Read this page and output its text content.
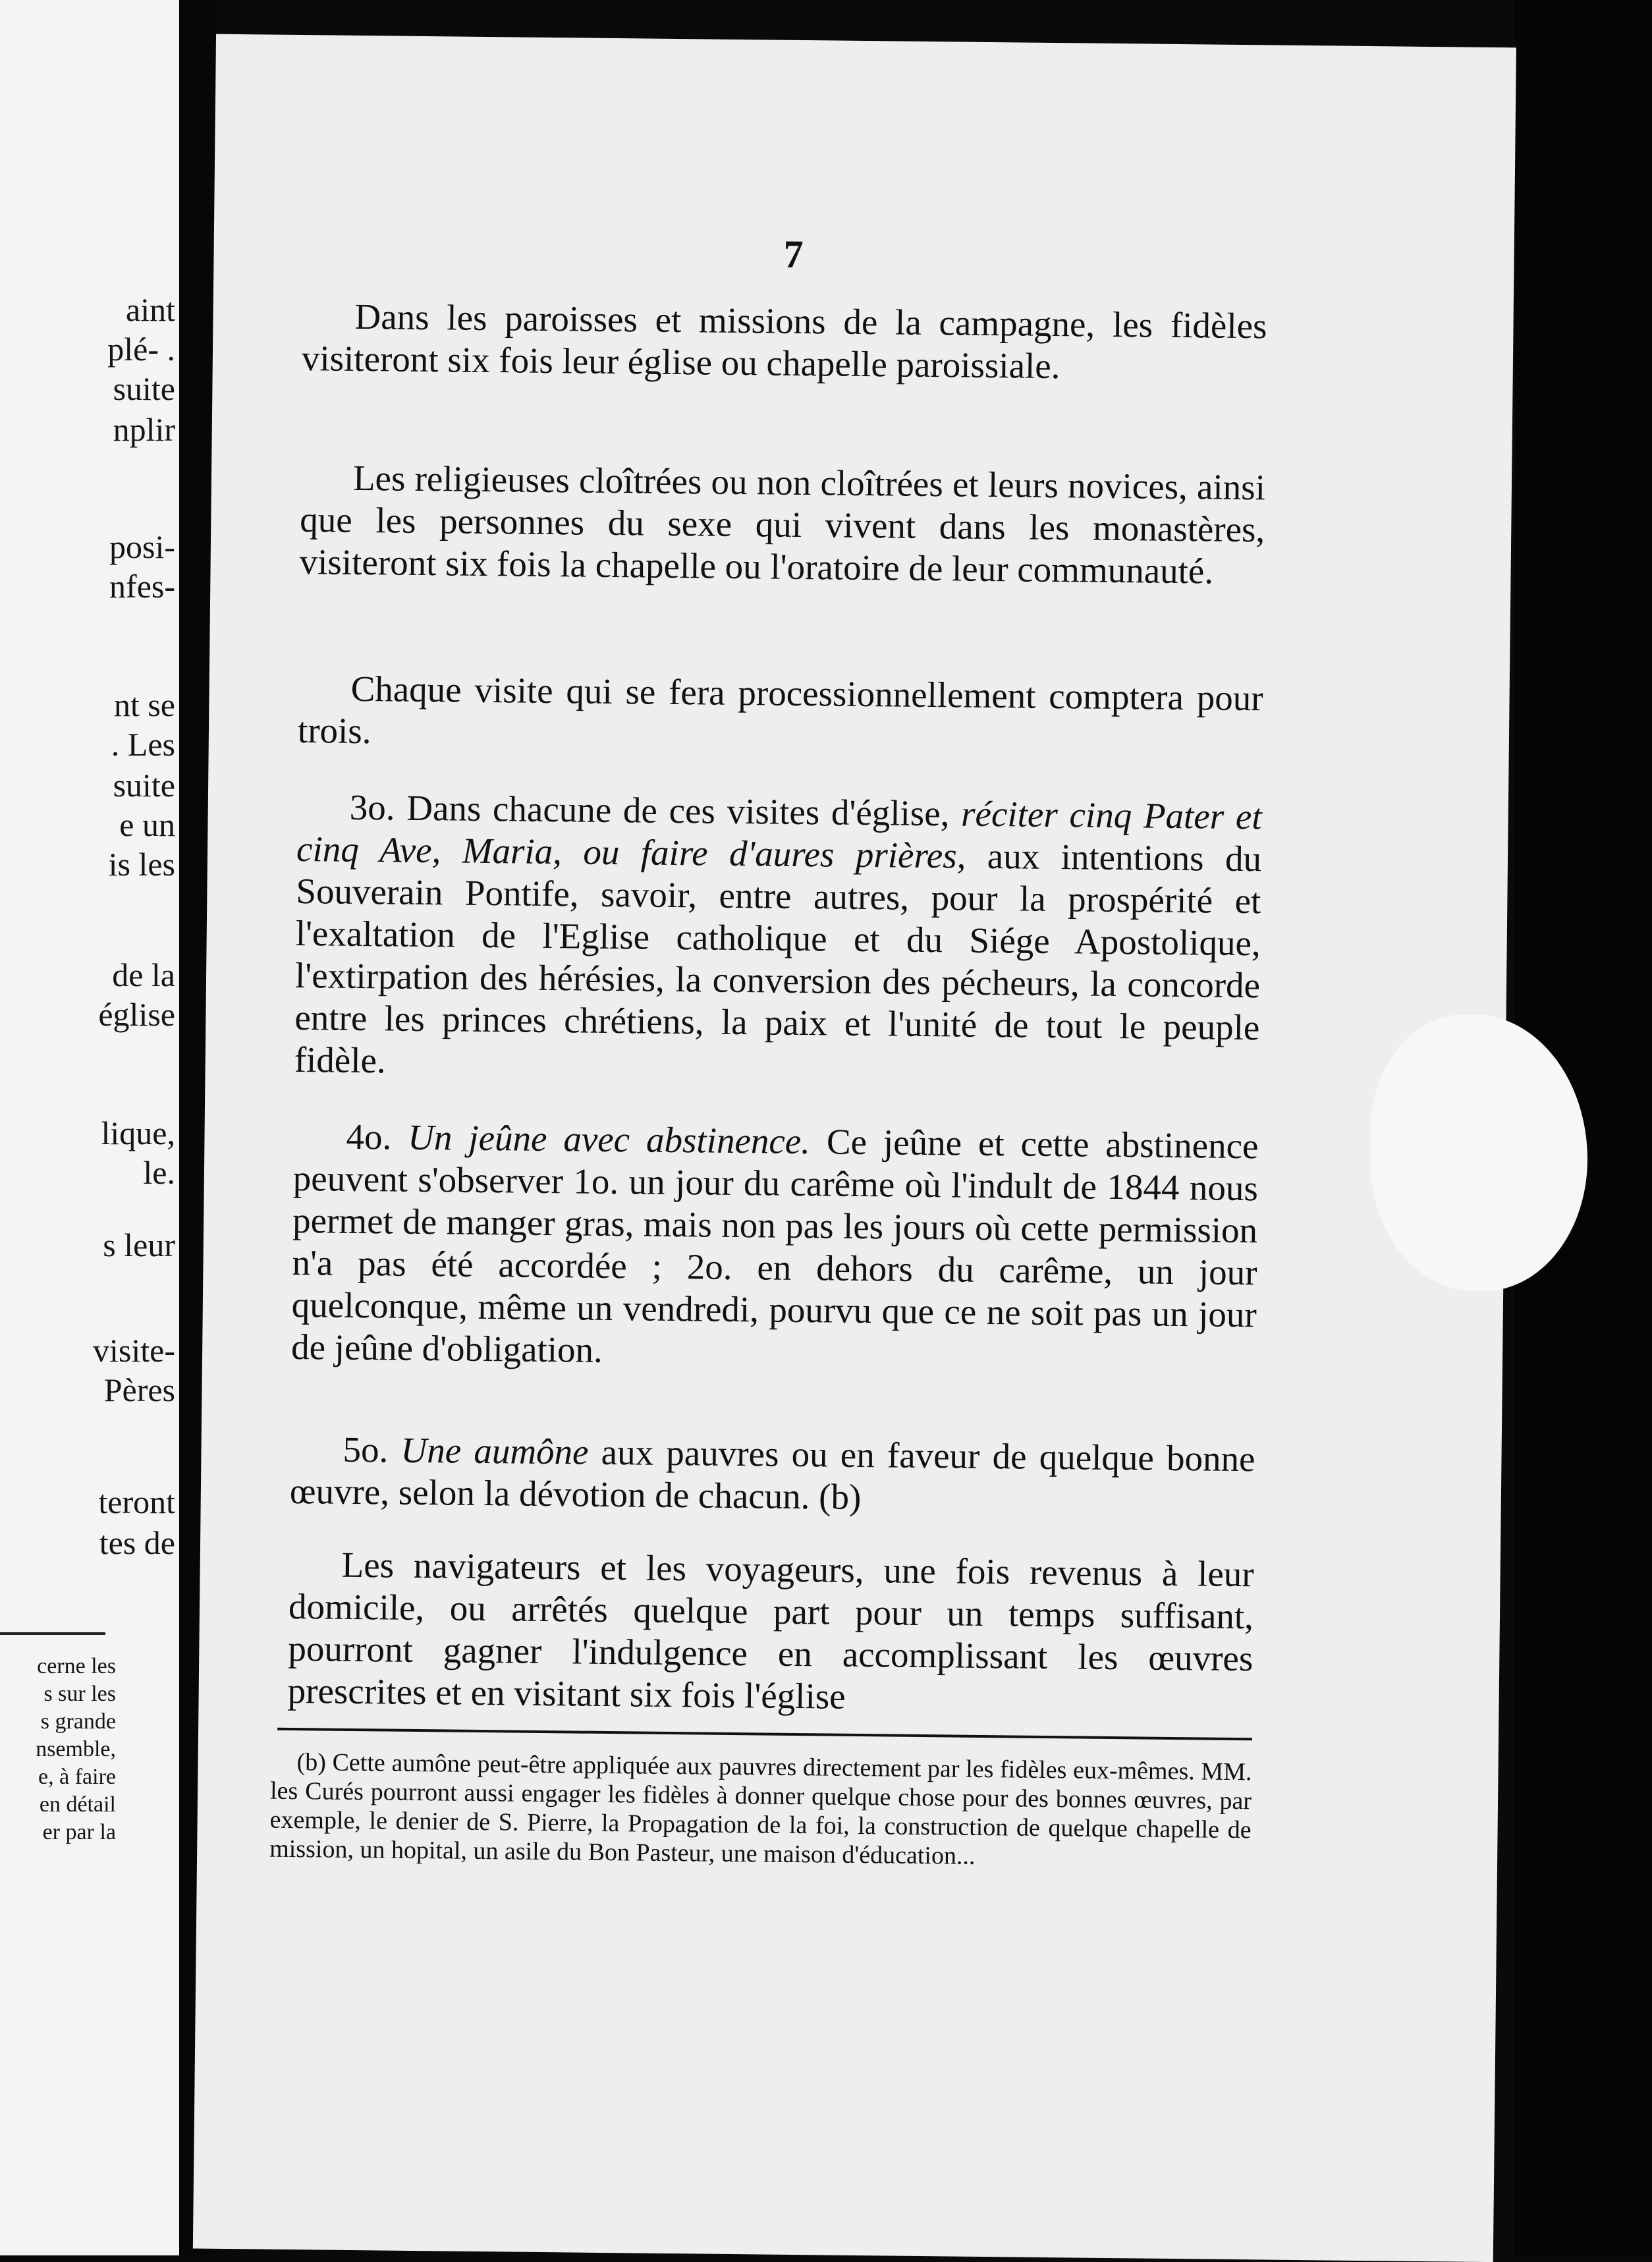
aint
plé- .
suite
nplir
posi-
nfes-
nt se
. Les
suite
e un
is les
de la
église
lique,
le.
s leur
visite-
Pères
teront
tes de
cerne les
s sur les
s grande
nsemble,
e, à faire
en détail
er par la
7

Dans les paroisses et missions de la campagne, les fidèles visiteront six fois leur église ou chapelle paroissiale.

Les religieuses cloîtrées ou non cloîtrées et leurs novices, ainsi que les personnes du sexe qui vivent dans les monastères, visiteront six fois la chapelle ou l'oratoire de leur communauté.

Chaque visite qui se fera processionnellement comptera pour trois.

3o. Dans chacune de ces visites d'église, réciter cinq Pater et cinq Ave, Maria, ou faire d'aures prières, aux intentions du Souverain Pontife, savoir, entre autres, pour la prospérité et l'exaltation de l'Eglise catholique et du Siége Apostolique, l'extirpation des hérésies, la conversion des pécheurs, la concorde entre les princes chrétiens, la paix et l'unité de tout le peuple fidèle.

4o. Un jeûne avec abstinence. Ce jeûne et cette abstinence peuvent s'observer 1o. un jour du carême où l'indult de 1844 nous permet de manger gras, mais non pas les jours où cette permission n'a pas été accordée ; 2o. en dehors du carême, un jour quelconque, même un vendredi, pourvu que ce ne soit pas un jour de jeûne d'obligation.

5o. Une aumône aux pauvres ou en faveur de quelque bonne œuvre, selon la dévotion de chacun. (b)

Les navigateurs et les voyageurs, une fois revenus à leur domicile, ou arrêtés quelque part pour un temps suffisant, pourront gagner l'indulgence en accomplissant les œuvres prescrites et en visitant six fois l'église

(b) Cette aumône peut-être appliquée aux pauvres directement par les fidèles eux-mêmes. MM. les Curés pourront aussi engager les fidèles à donner quelque chose pour des bonnes œuvres, par exemple, le denier de S. Pierre, la Propagation de la foi, la construction de quelque chapelle de mission, un hopital, un asile du Bon Pasteur, une maison d'éducation...
